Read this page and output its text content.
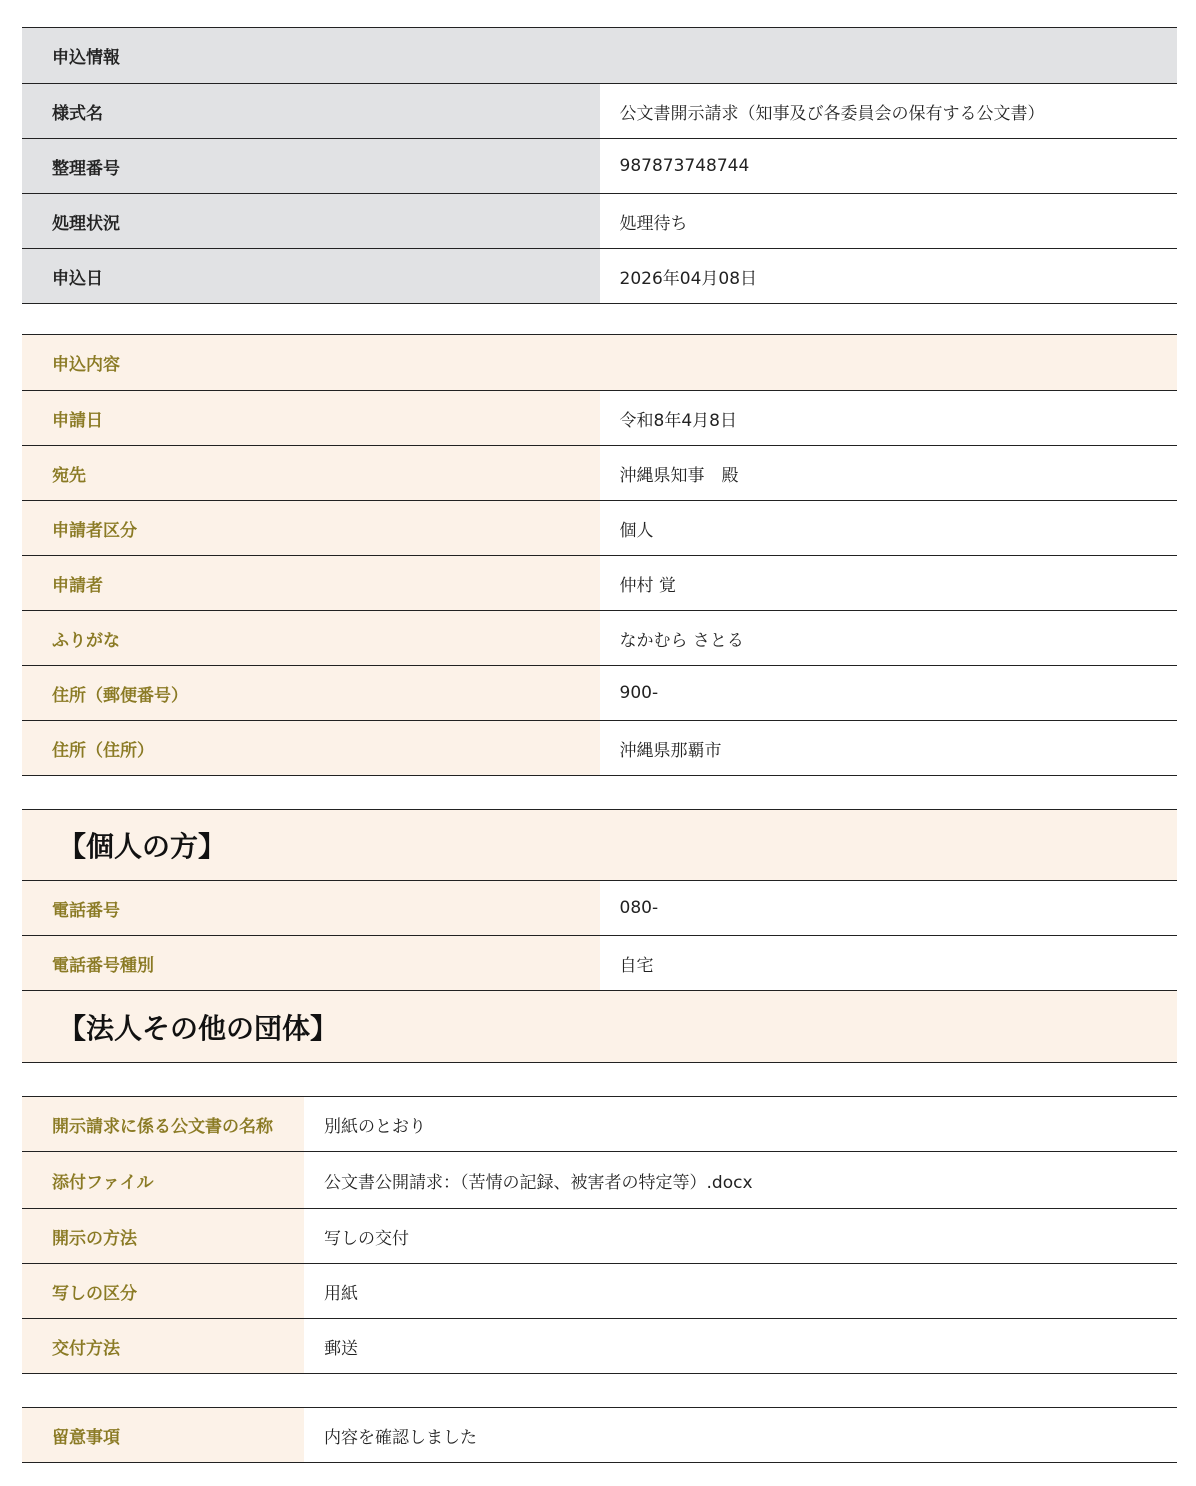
申込情報	
様式名	公文書開示請求（知事及び各委員会の保有する公文書）
整理番号	987873748744
処理状況	処理待ち
申込日	2026年04月08日
申込内容	
申請日	令和8年4月8日
宛先	沖縄県知事　殿
申請者区分	個人
申請者	仲村 覚
ふりがな	なかむら さとる
住所（郵便番号）	900-
住所（住所）	沖縄県那覇市
【個人の方】	
電話番号	080-
電話番号種別	自宅
【法人その他の団体】	
開示請求に係る公文書の名称	別紙のとおり
添付ファイル	公文書公開請求：（苦情の記録、被害者の特定等）.docx
開示の方法	写しの交付
写しの区分	用紙
交付方法	郵送
留意事項	内容を確認しました
